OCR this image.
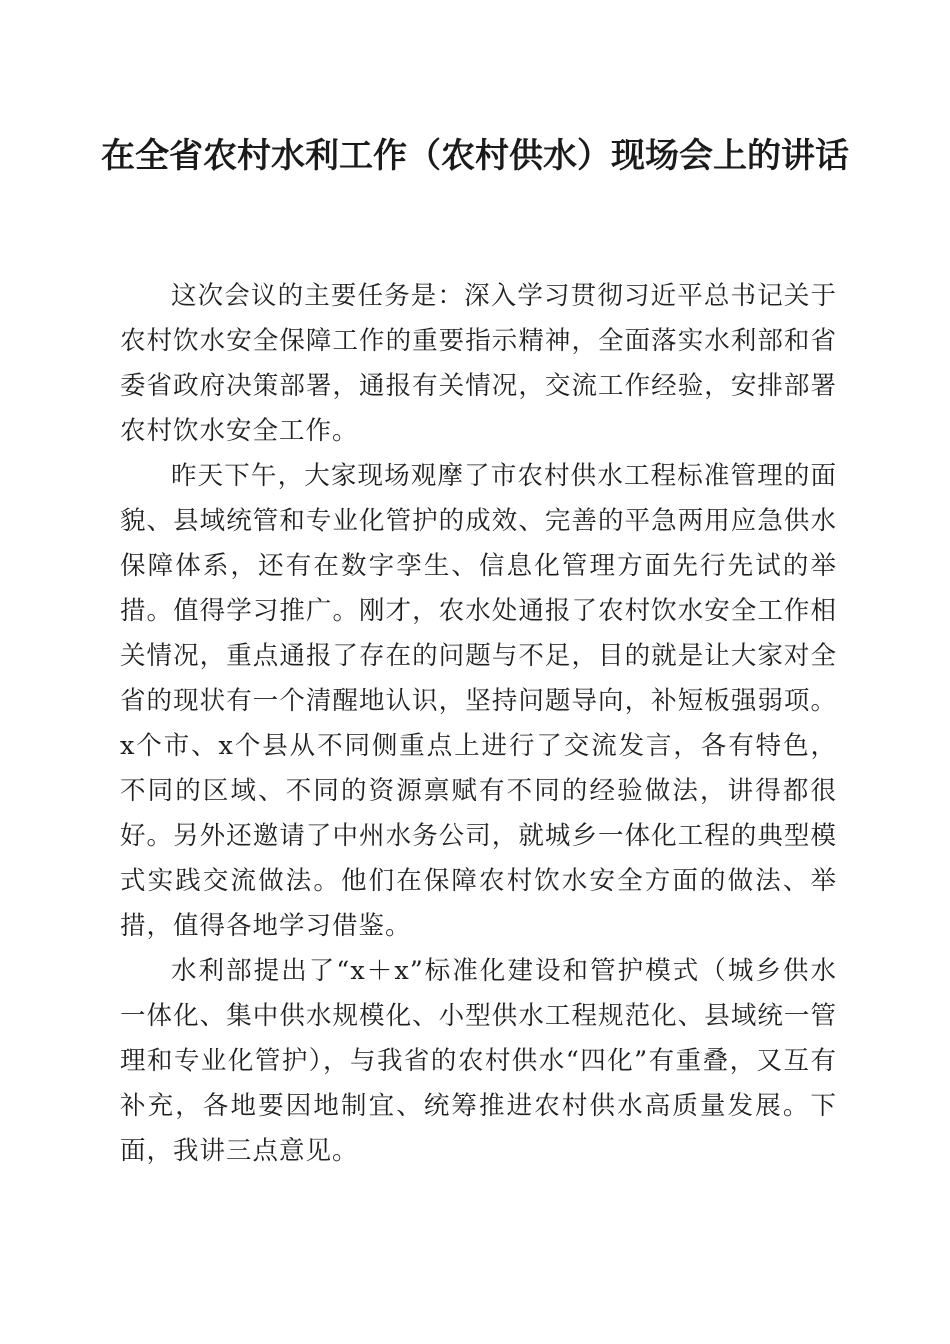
在全省农村水利工作（农村供水）现场会上的讲话

这次会议的主要任务是：深入学习贯彻习近平总书记关于农村饮水安全保障工作的重要指示精神，全面落实水利部和省委省政府决策部署，通报有关情况，交流工作经验，安排部署农村饮水安全工作。

昨天下午，大家现场观摩了市农村供水工程标准管理的面貌、县域统管和专业化管护的成效、完善的平急两用应急供水保障体系，还有在数字孪生、信息化管理方面先行先试的举措。值得学习推广。刚才，农水处通报了农村饮水安全工作相关情况，重点通报了存在的问题与不足，目的就是让大家对全省的现状有一个清醒地认识，坚持问题导向，补短板强弱项。x个市、x个县从不同侧重点上进行了交流发言，各有特色，不同的区域、不同的资源禀赋有不同的经验做法，讲得都很好。另外还邀请了中州水务公司，就城乡一体化工程的典型模式实践交流做法。他们在保障农村饮水安全方面的做法、举措，值得各地学习借鉴。

水利部提出了“x＋x”标准化建设和管护模式（城乡供水一体化、集中供水规模化、小型供水工程规范化、县域统一管理和专业化管护），与我省的农村供水“四化”有重叠，又互有补充，各地要因地制宜、统筹推进农村供水高质量发展。下面，我讲三点意见。
